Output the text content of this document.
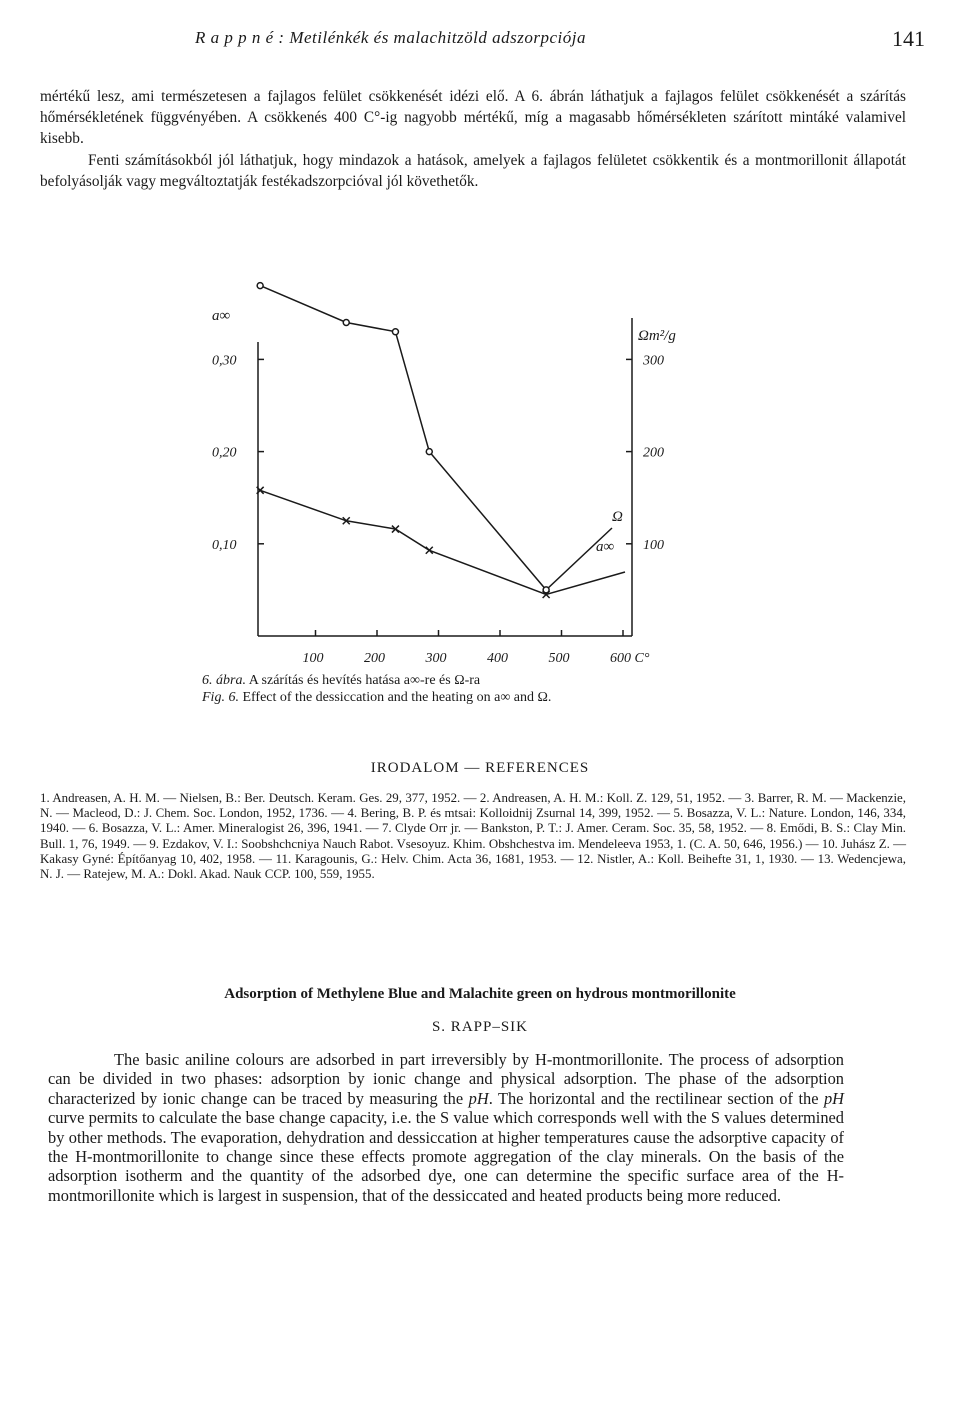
R a p p n é : Metilénkék és malachitzöld adszorpciója	141

mértékű lesz, ami természetesen a fajlagos felület csökkenését idézi elő. A 6. ábrán láthatjuk a fajlagos felület csökkenését a szárítás hőmérsékletének függvényében. A csökkenés 400 C°-ig nagyobb mértékű, míg a magasabb hőmérsékleten szárított mintáké valamivel kisebb.

Fenti számításokból jól láthatjuk, hogy mindazok a hatások, amelyek a fajlagos felületet csökkentik és a montmorillonit állapotát befolyásolják vagy megváltoztatják festékadszorpcióval jól követhetők.

a∞
Ωm²/g
Ω
a∞
0,30
0,20
0,10
300
200
100
100	200	300	400	500	600 C°
6. ábra. A szárítás és hevítés hatása a∞-re és Ω-ra
Fig. 6. Effect of the dessiccation and the heating on a∞ and Ω.
IRODALOM — REFERENCES
1. Andreasen, A. H. M. — Nielsen, B.: Ber. Deutsch. Keram. Ges. 29, 377, 1952. — 2. Andreasen, A. H. M.: Koll. Z. 129, 51, 1952. — 3. Barrer, R. M. — Mackenzie, N. — Macleod, D.: J. Chem. Soc. London, 1952, 1736. — 4. Bering, B. P. és mtsai: Kolloidnij Zsurnal 14, 399, 1952. — 5. Bosazza, V. L.: Nature. London, 146, 334, 1940. — 6. Bosazza, V. L.: Amer. Mineralogist 26, 396, 1941. — 7. Clyde Orr jr. — Bankston, P. T.: J. Amer. Ceram. Soc. 35, 58, 1952. — 8. Emődi, B. S.: Clay Min. Bull. 1, 76, 1949. — 9. Ezdakov, V. I.: Soobshchcniya Nauch Rabot. Vsesoyuz. Khim. Obshchestva im. Mendeleeva 1953, 1. (C. A. 50, 646, 1956.) — 10. Juhász Z. — Kakasy Gyné: Építőanyag 10, 402, 1958. — 11. Karagounis, G.: Helv. Chim. Acta 36, 1681, 1953. — 12. Nistler, A.: Koll. Beihefte 31, 1, 1930. — 13. Wedencjewa, N. J. — Ratejew, M. A.: Dokl. Akad. Nauk CCP. 100, 559, 1955.
Adsorption of Methylene Blue and Malachite green on hydrous montmorillonite
S. RAPP–SIK

The basic aniline colours are adsorbed in part irreversibly by H-montmorillonite. The process of adsorption can be divided in two phases: adsorption by ionic change and physical adsorption. The phase of the adsorption characterized by ionic change can be traced by measuring the pH. The horizontal and the rectilinear section of the pH curve permits to calculate the base change capacity, i.e. the S value which corresponds well with the S values determined by other methods. The evaporation, dehydration and dessiccation at higher temperatures cause the adsorptive capacity of the H-montmorillonite to change since these effects promote aggregation of the clay minerals. On the basis of the adsorption isotherm and the quantity of the adsorbed dye, one can determine the specific surface area of the H-montmorillonite which is largest in suspension, that of the dessiccated and heated products being more reduced.
